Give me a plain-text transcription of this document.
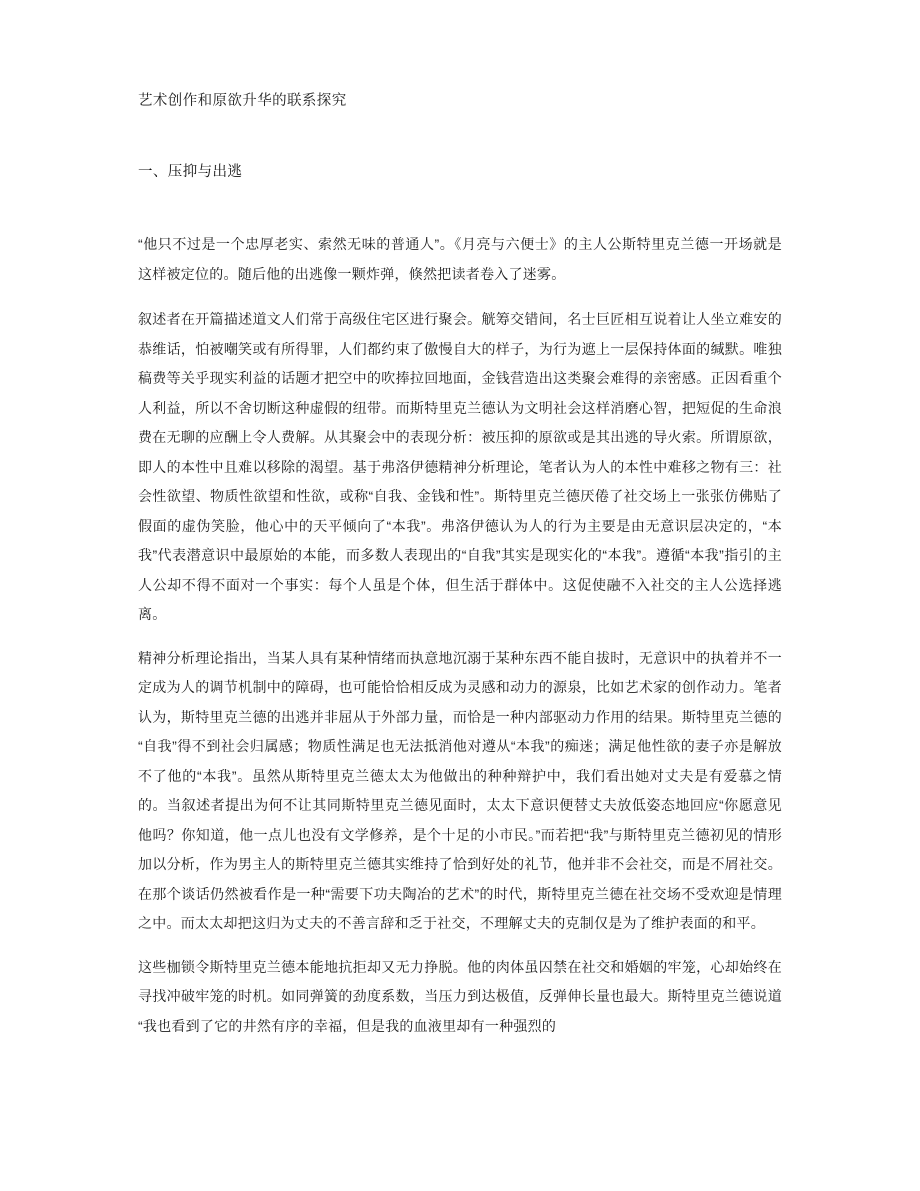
艺术创作和原欲升华的联系探究
一、压抑与出逃

“他只不过是一个忠厚老实、索然无味的普通人”。《月亮与六便士》的主人公斯特里克兰德一开场就是这样被定位的。随后他的出逃像一颗炸弹，倏然把读者卷入了迷雾。

叙述者在开篇描述道文人们常于高级住宅区进行聚会。觥筹交错间，名士巨匠相互说着让人坐立难安的恭维话，怕被嘲笑或有所得罪，人们都约束了傲慢自大的样子，为行为遮上一层保持体面的缄默。唯独稿费等关乎现实利益的话题才把空中的吹捧拉回地面，金钱营造出这类聚会难得的亲密感。正因看重个人利益，所以不舍切断这种虚假的纽带。而斯特里克兰德认为文明社会这样消磨心智，把短促的生命浪费在无聊的应酬上令人费解。从其聚会中的表现分析：被压抑的原欲或是其出逃的导火索。所谓原欲，即人的本性中且难以移除的渴望。基于弗洛伊德精神分析理论，笔者认为人的本性中难移之物有三：社会性欲望、物质性欲望和性欲，或称“自我、金钱和性”。斯特里克兰德厌倦了社交场上一张张仿佛贴了假面的虚伪笑脸，他心中的天平倾向了“本我”。弗洛伊德认为人的行为主要是由无意识层决定的，“本我”代表潜意识中最原始的本能，而多数人表现出的“自我”其实是现实化的“本我”。遵循“本我”指引的主人公却不得不面对一个事实：每个人虽是个体，但生活于群体中。这促使融不入社交的主人公选择逃离。

精神分析理论指出，当某人具有某种情绪而执意地沉溺于某种东西不能自拔时，无意识中的执着并不一定成为人的调节机制中的障碍，也可能恰恰相反成为灵感和动力的源泉，比如艺术家的创作动力。笔者认为，斯特里克兰德的出逃并非屈从于外部力量，而恰是一种内部驱动力作用的结果。斯特里克兰德的“自我”得不到社会归属感；物质性满足也无法抵消他对遵从“本我”的痴迷；满足他性欲的妻子亦是解放不了他的“本我”。虽然从斯特里克兰德太太为他做出的种种辩护中，我们看出她对丈夫是有爱慕之情的。当叙述者提出为何不让其同斯特里克兰德见面时，太太下意识便替丈夫放低姿态地回应“你愿意见他吗？你知道，他一点儿也没有文学修养，是个十足的小市民。”而若把“我”与斯特里克兰德初见的情形加以分析，作为男主人的斯特里克兰德其实维持了恰到好处的礼节，他并非不会社交，而是不屑社交。在那个谈话仍然被看作是一种“需要下功夫陶冶的艺术”的时代，斯特里克兰德在社交场不受欢迎是情理之中。而太太却把这归为丈夫的不善言辞和乏于社交，不理解丈夫的克制仅是为了维护表面的和平。

这些枷锁令斯特里克兰德本能地抗拒却又无力挣脱。他的肉体虽囚禁在社交和婚姻的牢笼，心却始终在寻找冲破牢笼的时机。如同弹簧的劲度系数，当压力到达极值，反弹伸长量也最大。斯特里克兰德说道“我也看到了它的井然有序的幸福，但是我的血液里却有一种强烈的
